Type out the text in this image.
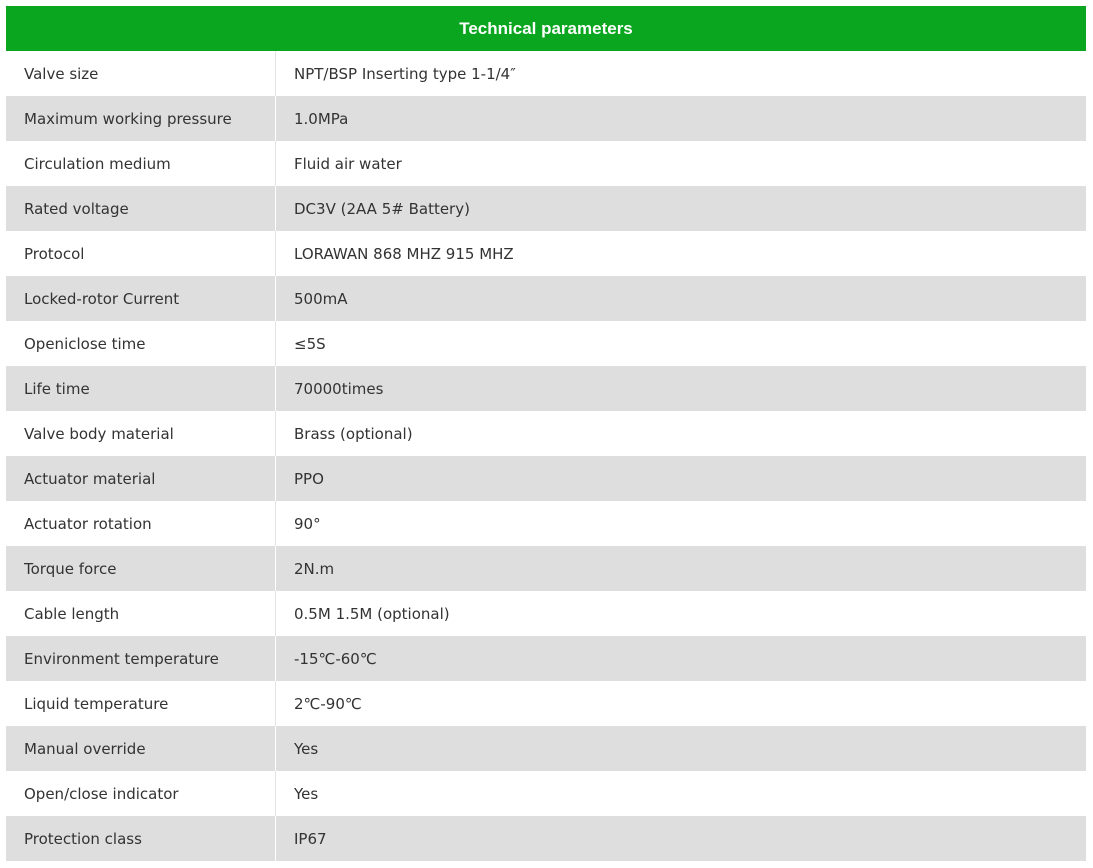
Technical parameters
Valve size	NPT/BSP Inserting type 1-1/4″
Maximum working pressure	1.0MPa
Circulation medium	Fluid air water
Rated voltage	DC3V (2AA 5# Battery)
Protocol	LORAWAN 868 MHZ 915 MHZ
Locked-rotor Current	500mA
Openiclose time	≤5S
Life time	70000times
Valve body material	Brass (optional)
Actuator material	PPO
Actuator rotation	90°
Torque force	2N.m
Cable length	0.5M 1.5M (optional)
Environment temperature	-15℃-60℃
Liquid temperature	2℃-90℃
Manual override	Yes
Open/close indicator	Yes
Protection class	IP67
